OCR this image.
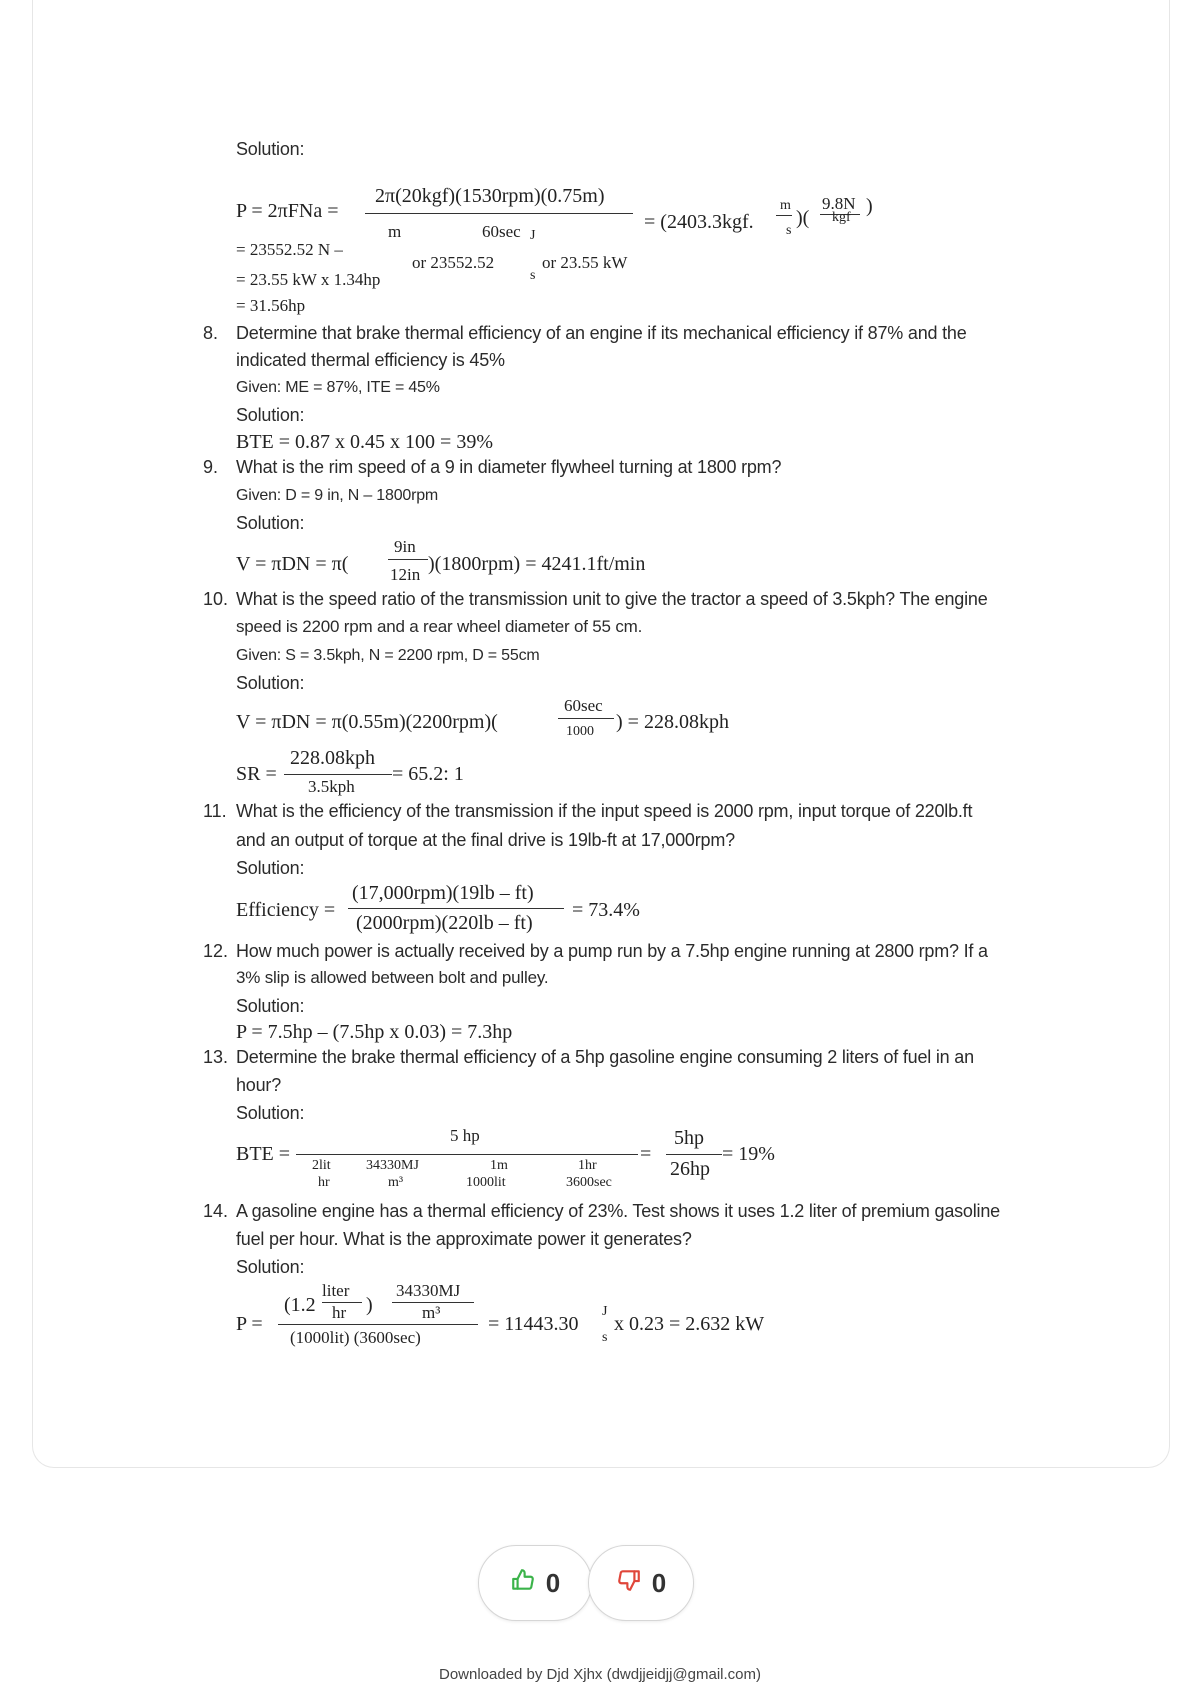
Solution:
P = 2πFNa =
2π(20kgf)(1530rpm)(0.75m)
m	60sec	= (2403.3kgf.
m
s
)(
9.8N
kgf
)
= 23552.52 N –
or 23552.52
J
s
or 23.55 kW
= 23.55 kW x 1.34hp
= 31.56hp
8. Determine that brake thermal efficiency of an engine if its mechanical efficiency if 87% and the
indicated thermal efficiency is 45%
Given: ME = 87%, ITE = 45%
Solution:
BTE = 0.87 x 0.45 x 100 = 39%
9. What is the rim speed of a 9 in diameter flywheel turning at 1800 rpm?
Given: D = 9 in, N – 1800rpm
Solution:
V = πDN = π(
9in
12in )(1800rpm) = 4241.1ft/min
10. What is the speed ratio of the transmission unit to give the tractor a speed of 3.5kph? The engine
speed is 2200 rpm and a rear wheel diameter of 55 cm.
Given: S = 3.5kph, N = 2200 rpm, D = 55cm
Solution:
V = πDN = π(0.55m)(2200rpm)(
60sec
1000 ) = 228.08kph
SR =
228.08kph
3.5kph
= 65.2: 1
11. What is the efficiency of the transmission if the input speed is 2000 rpm, input torque of 220lb.ft
and an output of torque at the final drive is 19lb-ft at 17,000rpm?
Solution:
Efficiency =
(17,000rpm)(19lb – ft)
(2000rpm)(220lb – ft)
= 73.4%
12. How much power is actually received by a pump run by a 7.5hp engine running at 2800 rpm? If a
3% slip is allowed between bolt and pulley.
Solution:
P = 7.5hp – (7.5hp x 0.03) = 7.3hp
13. Determine the brake thermal efficiency of a 5hp gasoline engine consuming 2 liters of fuel in an
hour?
Solution:
BTE =
5 hp
2lit
hr
34330MJ
m³
1m
1000lit
1hr
3600sec
=
5hp
26hp
= 19%
14. A gasoline engine has a thermal efficiency of 23%. Test shows it uses 1.2 liter of premium gasoline
fuel per hour. What is the approximate power it generates?
Solution:
P =
(1.2
liter
hr )
34330MJ
m³
(1000lit) (3600sec)
= 11443.30
J
s
x 0.23 = 2.632 kW
0	0
Downloaded by Djd Xjhx (dwdjjeidjj@gmail.com)
